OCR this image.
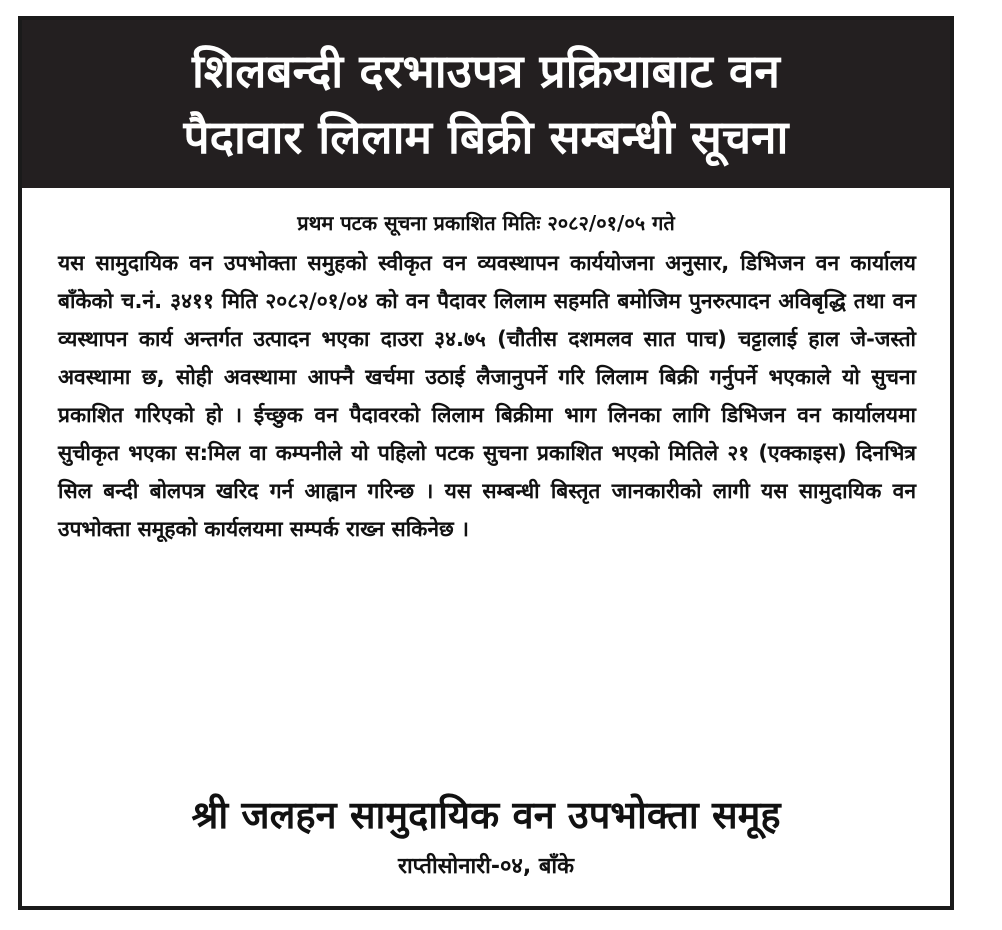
शिलबन्दी दरभाउपत्र प्रक्रियाबाट वन
पैदावार लिलाम बिक्री सम्बन्धी सूचना
प्रथम पटक सूचना प्रकाशित मितिः २०८२/०१/०५ गते
यस सामुदायिक वन उपभोक्ता समुहको स्वीकृत वन व्यवस्थापन कार्ययोजना अनुसार, डिभिजन वन कार्यालय बाँकेको च.नं. ३४११ मिति २०८२/०१/०४ को वन पैदावर लिलाम सहमति बमोजिम पुनरुत्पादन अविबृद्धि तथा वन व्यस्थापन कार्य अन्तर्गत उत्पादन भएका दाउरा ३४.७५ (चौतीस दशमलव सात पाच) चट्टालाई हाल जे-जस्तो अवस्थामा छ, सोही अवस्थामा आफ्नै खर्चमा उठाई लैजानुपर्ने गरि लिलाम बिक्री गर्नुपर्ने भएकाले यो सुचना प्रकाशित गरिएको हो । ईच्छुक वन पैदावरको लिलाम बिक्रीमा भाग लिनका लागि डिभिजन वन कार्यालयमा सुचीकृत भएका स:मिल वा कम्पनीले यो पहिलो पटक सुचना प्रकाशित भएको मितिले २१ (एक्काइस) दिनभित्र सिल बन्दी बोलपत्र खरिद गर्न आह्वान गरिन्छ । यस सम्बन्धी बिस्तृत जानकारीको लागी यस सामुदायिक वन उपभोक्ता समूहको कार्यलयमा सम्पर्क राख्न सकिनेछ ।
श्री जलहन सामुदायिक वन उपभोक्ता समूह
राप्तीसोनारी-०४, बाँके
